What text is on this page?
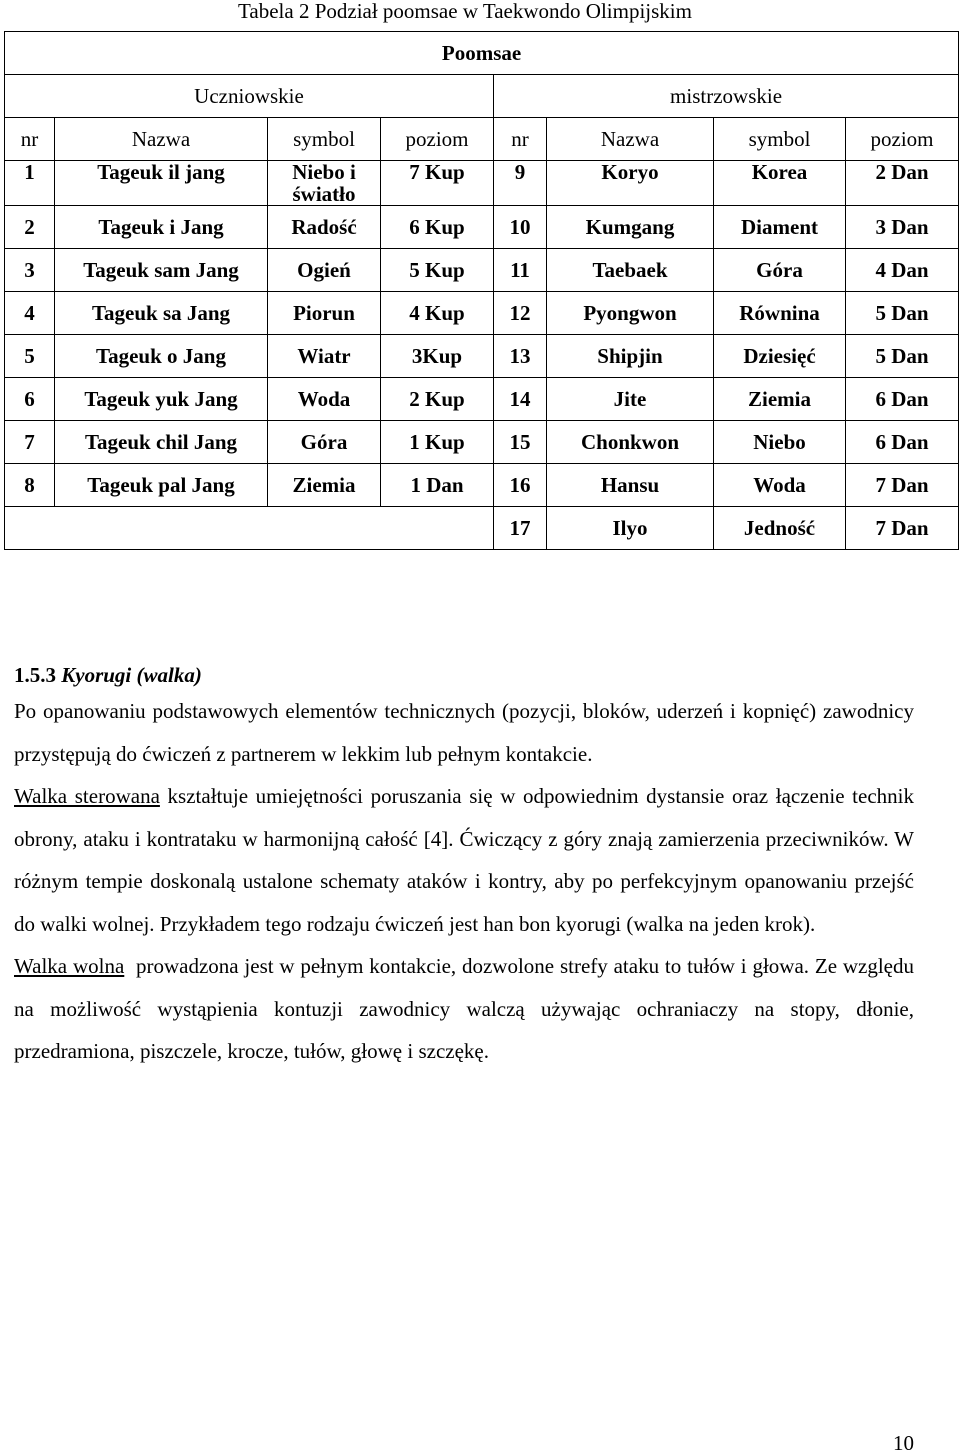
Tabela 2 Podział poomsae w Taekwondo Olimpijskim
Poomsae							
Uczniowskie				mistrzowskie			
nr	Nazwa	symbol	poziom	nr	Nazwa	symbol	poziom
1	Tageuk il jang	Niebo i światło	7 Kup	9	Koryo	Korea	2 Dan
2	Tageuk i Jang	Radość	6 Kup	10	Kumgang	Diament	3 Dan
3	Tageuk sam Jang	Ogień	5 Kup	11	Taebaek	Góra	4 Dan
4	Tageuk sa Jang	Piorun	4 Kup	12	Pyongwon	Równina	5 Dan
5	Tageuk o Jang	Wiatr	3Kup	13	Shipjin	Dziesięć	5 Dan
6	Tageuk yuk Jang	Woda	2 Kup	14	Jite	Ziemia	6 Dan
7	Tageuk chil Jang	Góra	1 Kup	15	Chonkwon	Niebo	6 Dan
8	Tageuk pal Jang	Ziemia	1 Dan	16	Hansu	Woda	7 Dan
				17	Ilyo	Jedność	7 Dan

1.5.3 Kyorugi (walka)

Po opanowaniu podstawowych elementów technicznych (pozycji, bloków, uderzeń i kopnięć) zawodnicy przystępują do ćwiczeń z partnerem w lekkim lub pełnym kontakcie.

Walka sterowana kształtuje umiejętności poruszania się w odpowiednim dystansie oraz łączenie technik obrony, ataku i kontrataku w harmonijną całość [4]. Ćwiczący z góry znają zamierzenia przeciwników. W różnym tempie doskonalą ustalone schematy ataków i kontry, aby po perfekcyjnym opanowaniu przejść do walki wolnej. Przykładem tego rodzaju ćwiczeń jest han bon kyorugi (walka na jeden krok).

Walka wolna  prowadzona jest w pełnym kontakcie, dozwolone strefy ataku to tułów i głowa. Ze względu na możliwość wystąpienia kontuzji zawodnicy walczą używając ochraniaczy na stopy, dłonie, przedramiona, piszczele, krocze, tułów, głowę i szczękę.

10
